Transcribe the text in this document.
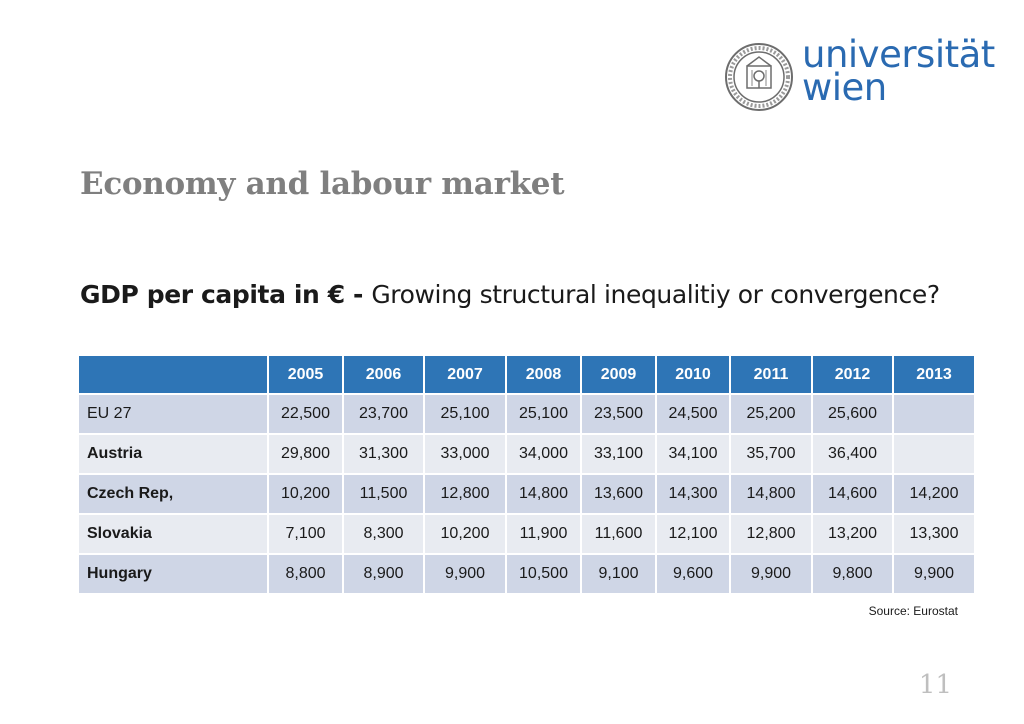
universität
wien
Economy and labour market

GDP per capita in € - Growing structural inequalitiy or convergence?

	2005	2006	2007	2008	2009	2010	2011	2012	2013
EU 27	22,500	23,700	25,100	25,100	23,500	24,500	25,200	25,600	
Austria	29,800	31,300	33,000	34,000	33,100	34,100	35,700	36,400	
Czech Rep,	10,200	11,500	12,800	14,800	13,600	14,300	14,800	14,600	14,200
Slovakia	7,100	8,300	10,200	11,900	11,600	12,100	12,800	13,200	13,300
Hungary	8,800	8,900	9,900	10,500	9,100	9,600	9,900	9,800	9,900
Source: Eurostat
11
